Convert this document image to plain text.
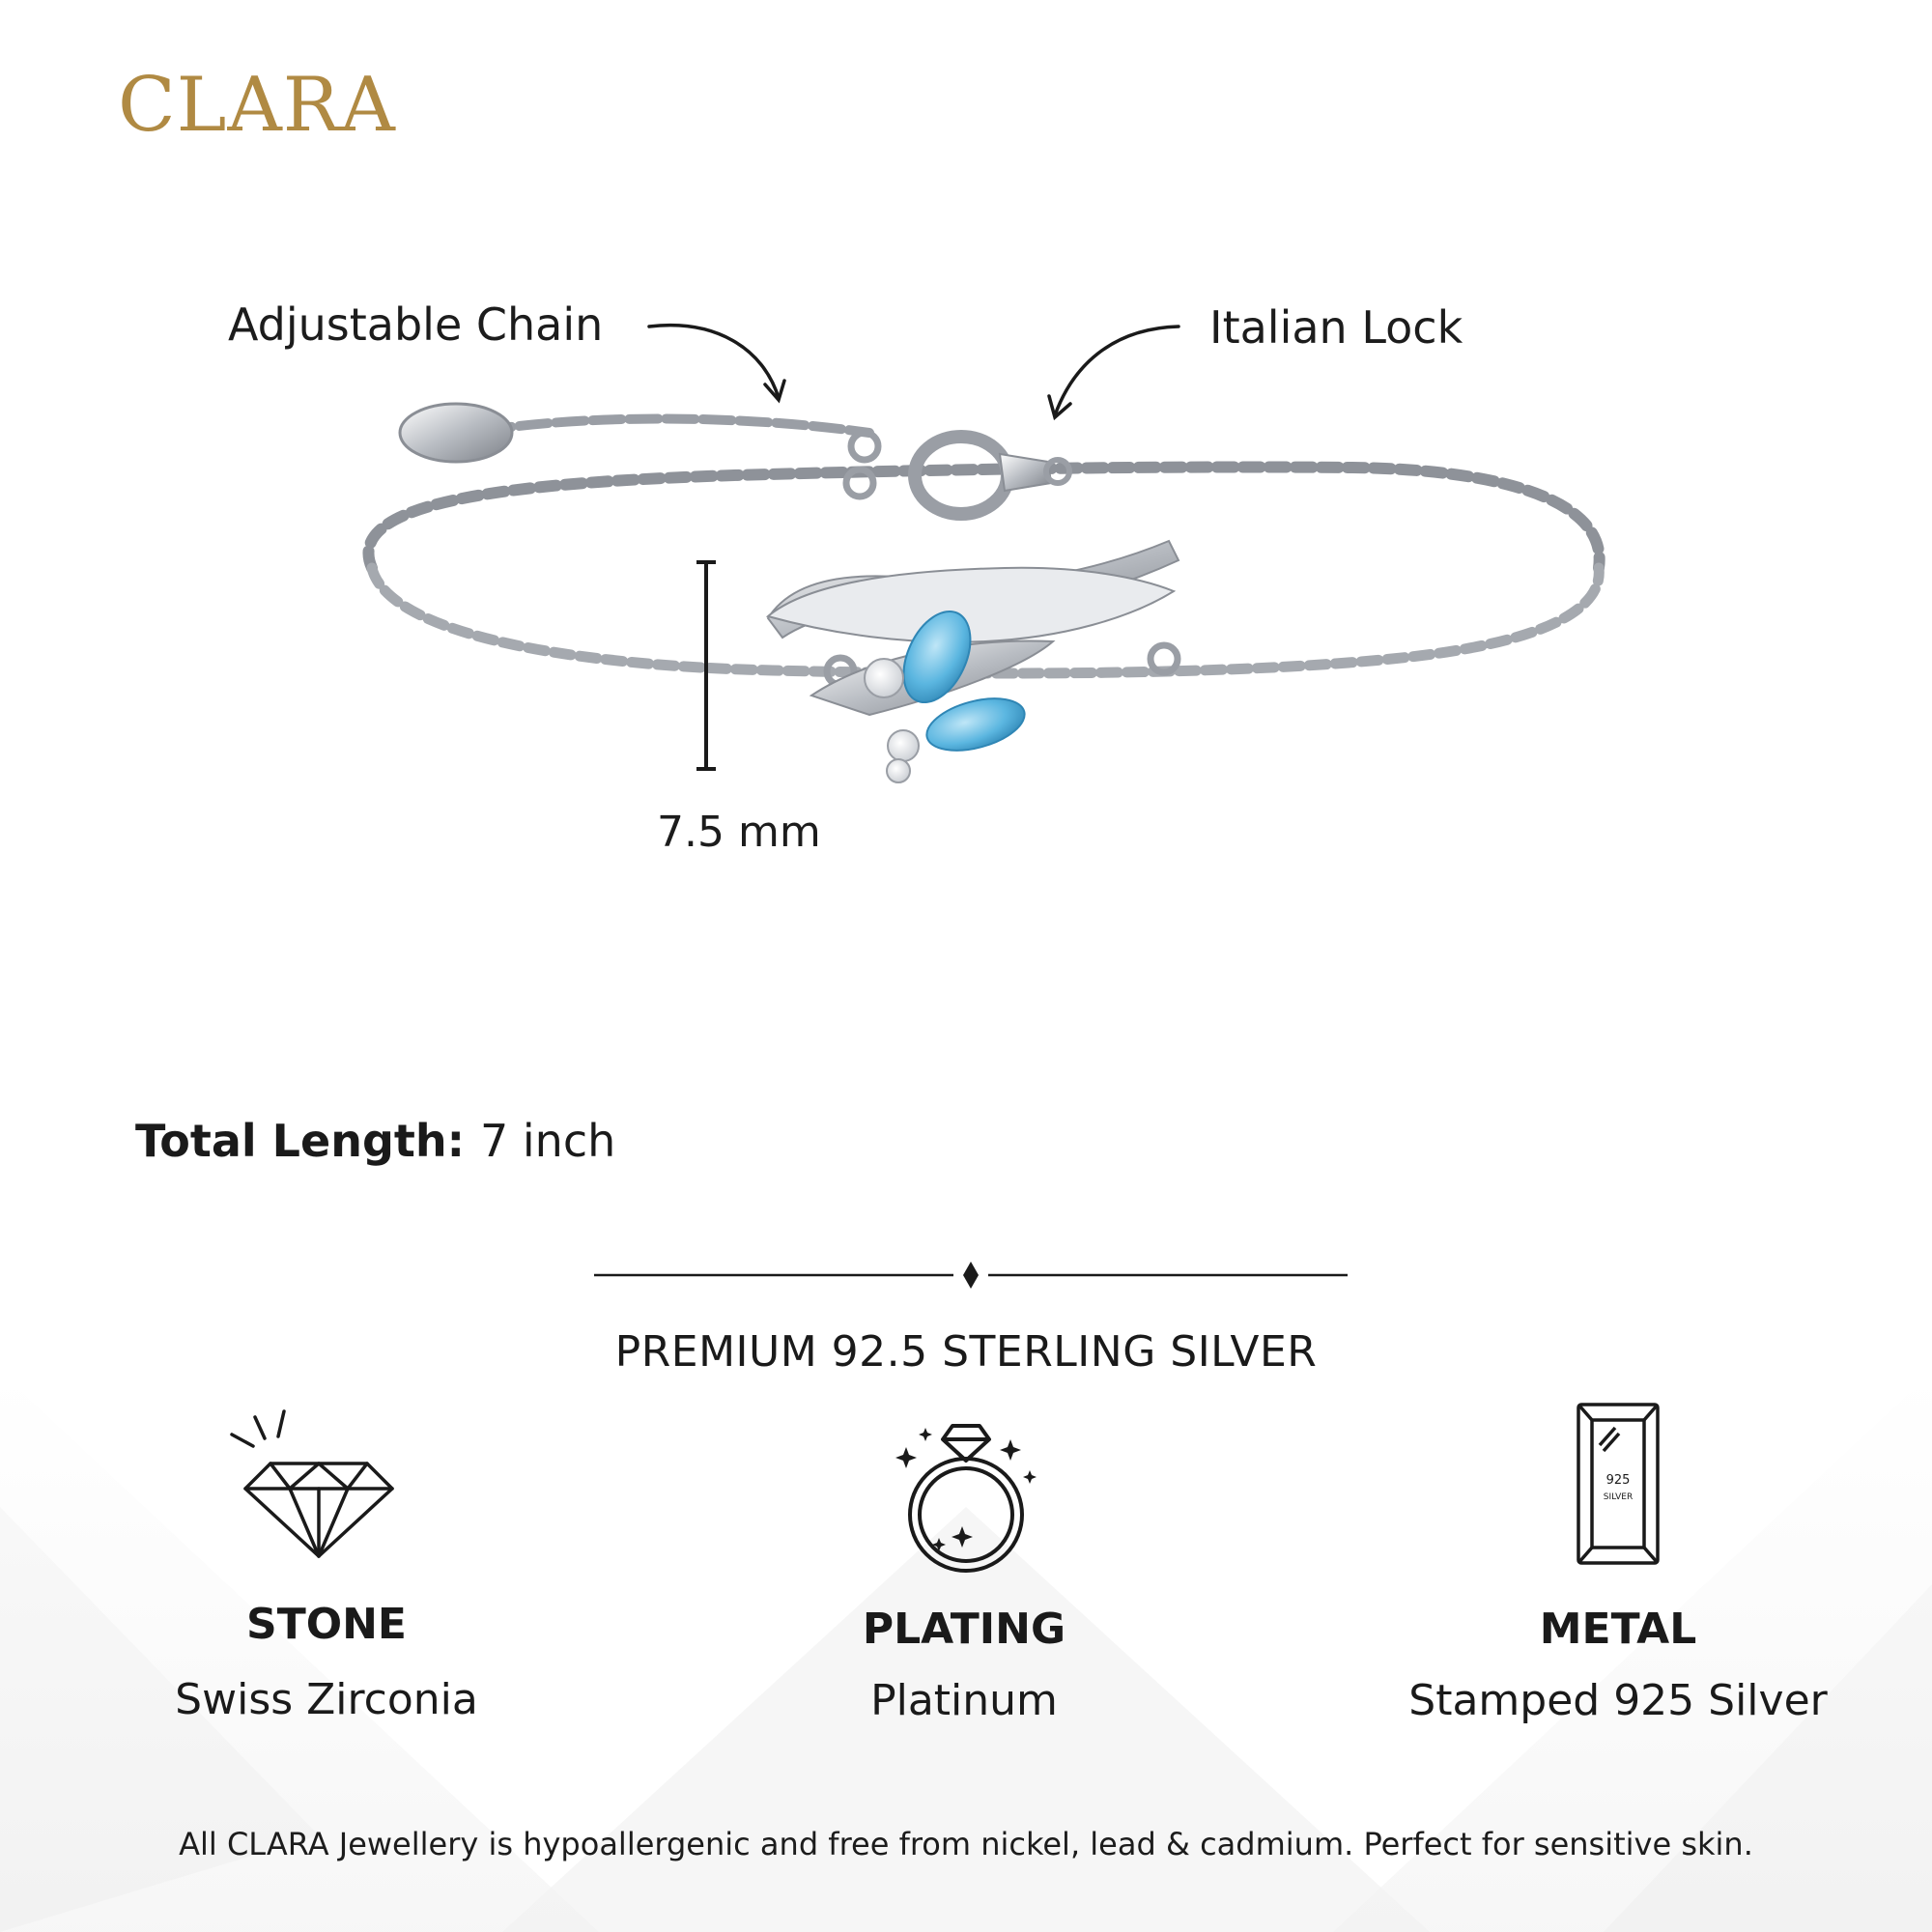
CLARA
Adjustable Chain	Italian Lock
7.5 mm
Total Length: 7 inch
PREMIUM 92.5 STERLING SILVER
925
SILVER
STONE
Swiss Zirconia
PLATING
Platinum
METAL
Stamped 925 Silver
All CLARA Jewellery is hypoallergenic and free from nickel, lead & cadmium. Perfect for sensitive skin.
